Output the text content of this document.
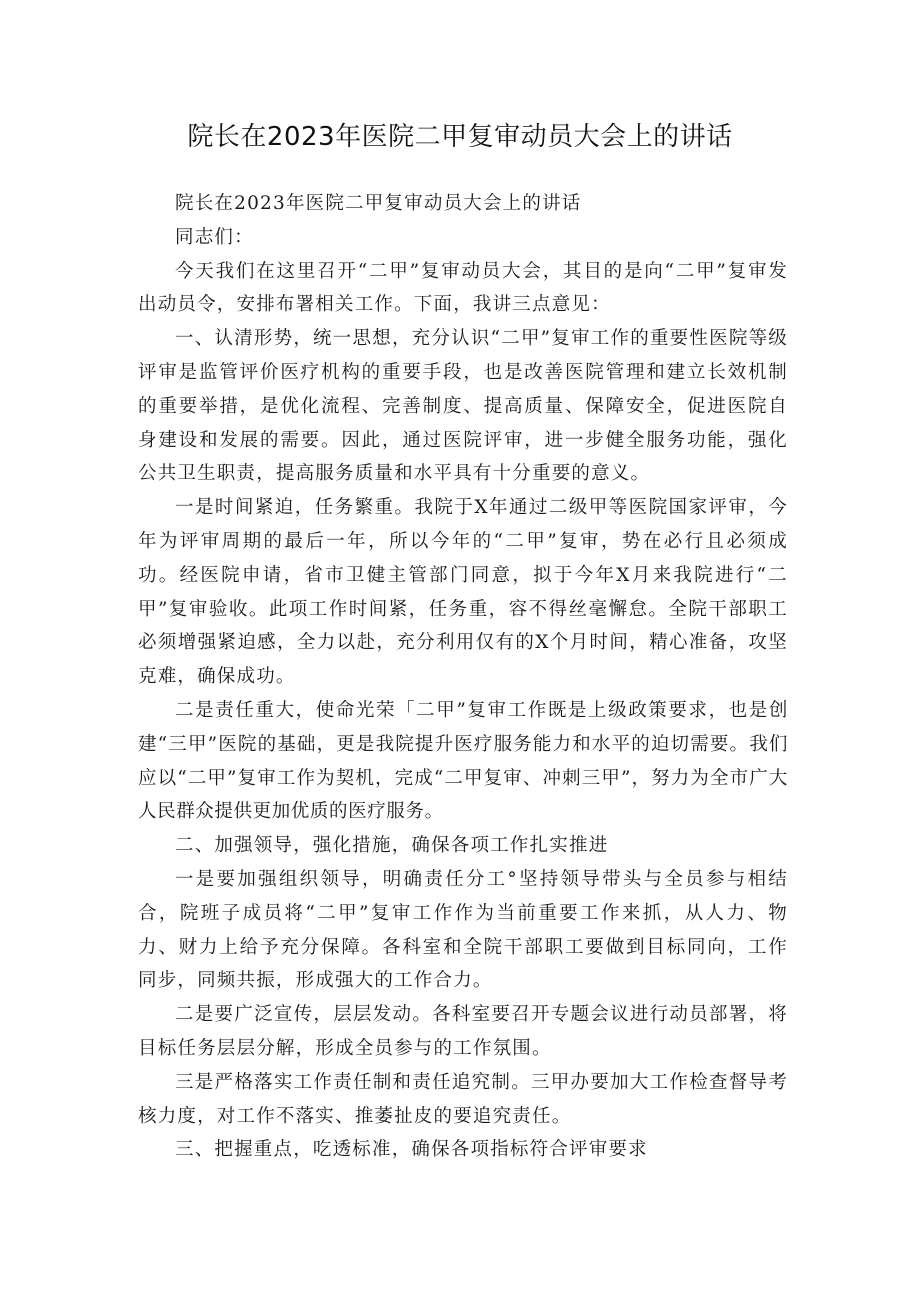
院长在2023年医院二甲复审动员大会上的讲话

院长在2023年医院二甲复审动员大会上的讲话

同志们：

今天我们在这里召开“二甲”复审动员大会，其目的是向“二甲”复审发出动员令，安排布署相关工作。下面，我讲三点意见：

一、认清形势，统一思想，充分认识“二甲”复审工作的重要性医院等级评审是监管评价医疗机构的重要手段，也是改善医院管理和建立长效机制的重要举措，是优化流程、完善制度、提高质量、保障安全，促进医院自身建设和发展的需要。因此，通过医院评审，进一步健全服务功能，强化公共卫生职责，提高服务质量和水平具有十分重要的意义。

一是时间紧迫，任务繁重。我院于X年通过二级甲等医院国家评审，今年为评审周期的最后一年，所以今年的“二甲”复审，势在必行且必须成功。经医院申请，省市卫健主管部门同意，拟于今年X月来我院进行“二甲”复审验收。此项工作时间紧，任务重，容不得丝毫懈怠。全院干部职工必须增强紧迫感，全力以赴，充分利用仅有的X个月时间，精心准备，攻坚克难，确保成功。

二是责任重大，使命光荣「二甲”复审工作既是上级政策要求，也是创建“三甲”医院的基础，更是我院提升医疗服务能力和水平的迫切需要。我们应以“二甲”复审工作为契机，完成“二甲复审、冲刺三甲”，努力为全市广大人民群众提供更加优质的医疗服务。

二、加强领导，强化措施，确保各项工作扎实推进

一是要加强组织领导，明确责任分工°坚持领导带头与全员参与相结合，院班子成员将“二甲”复审工作作为当前重要工作来抓，从人力、物力、财力上给予充分保障。各科室和全院干部职工要做到目标同向，工作同步，同频共振，形成强大的工作合力。

二是要广泛宣传，层层发动。各科室要召开专题会议进行动员部署，将目标任务层层分解，形成全员参与的工作氛围。

三是严格落实工作责任制和责任追究制。三甲办要加大工作检查督导考核力度，对工作不落实、推萎扯皮的要追究责任。

三、把握重点，吃透标准，确保各项指标符合评审要求
